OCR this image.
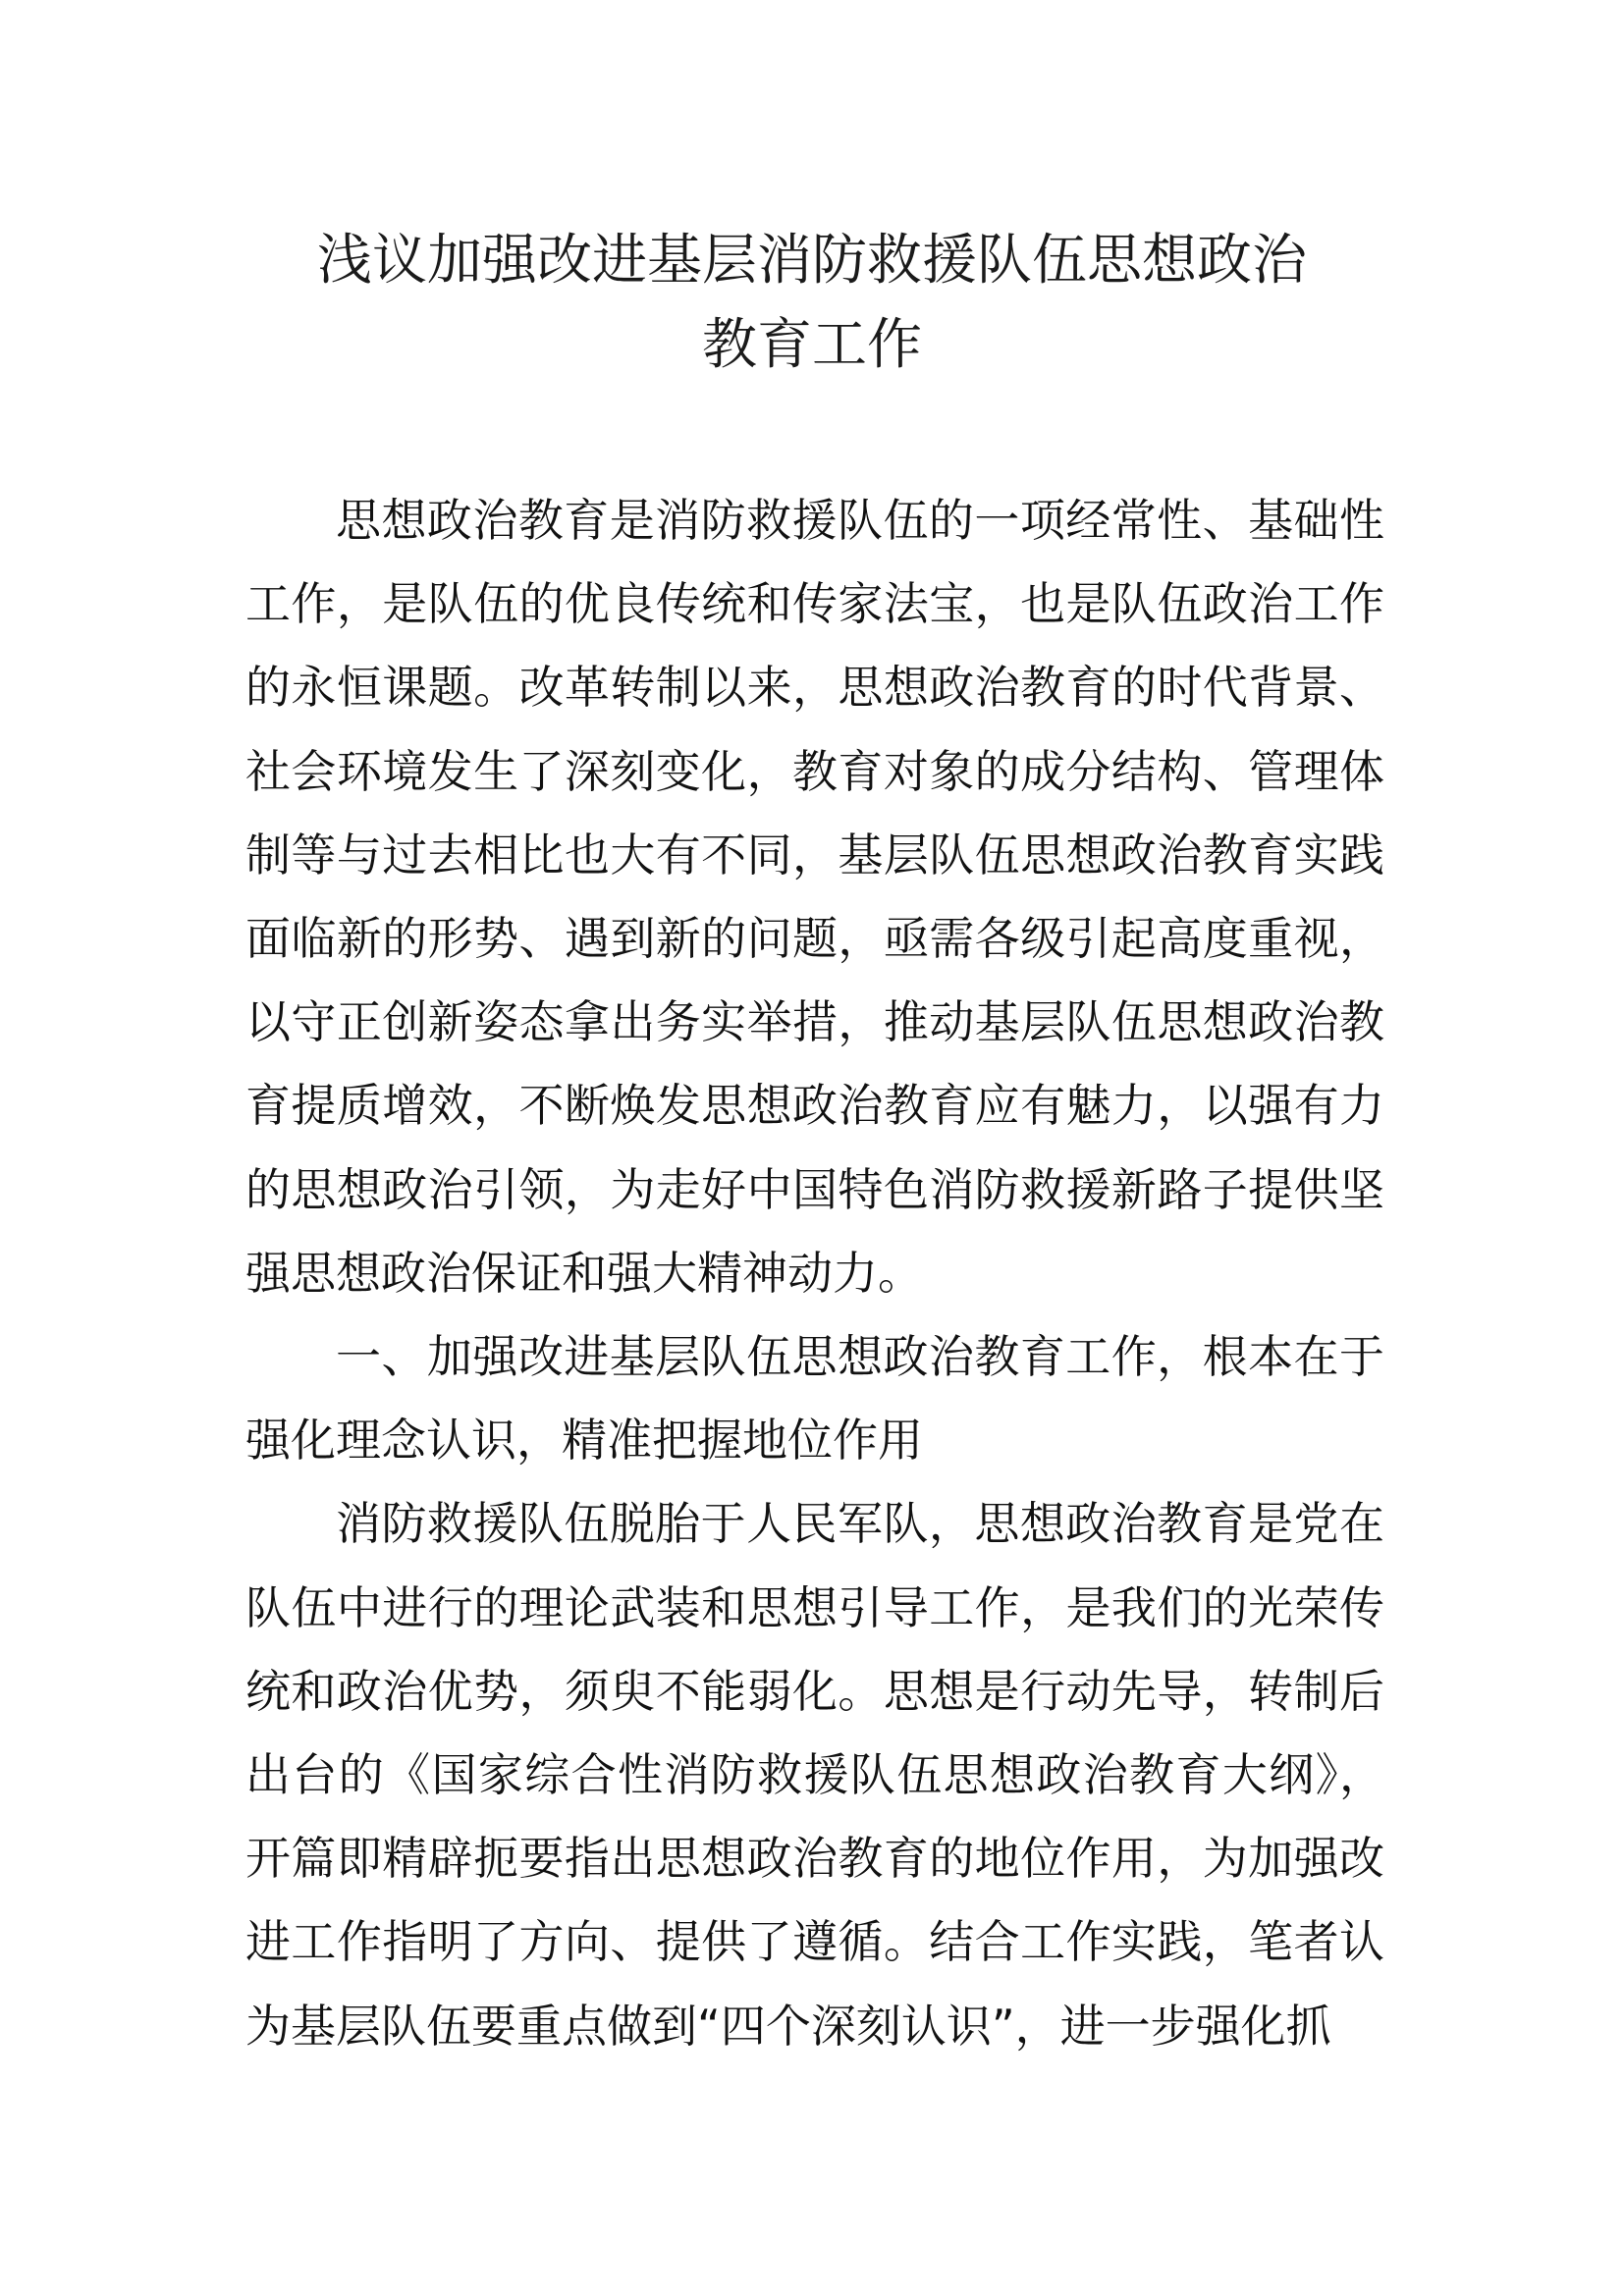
浅议加强改进基层消防救援队伍思想政治
教育工作

思想政治教育是消防救援队伍的一项经常性、基础性工作，是队伍的优良传统和传家法宝，也是队伍政治工作的永恒课题。改革转制以来，思想政治教育的时代背景、社会环境发生了深刻变化，教育对象的成分结构、管理体制等与过去相比也大有不同，基层队伍思想政治教育实践面临新的形势、遇到新的问题，亟需各级引起高度重视，以守正创新姿态拿出务实举措，推动基层队伍思想政治教育提质增效，不断焕发思想政治教育应有魅力，以强有力的思想政治引领，为走好中国特色消防救援新路子提供坚强思想政治保证和强大精神动力。

一、加强改进基层队伍思想政治教育工作，根本在于强化理念认识，精准把握地位作用

消防救援队伍脱胎于人民军队，思想政治教育是党在队伍中进行的理论武装和思想引导工作，是我们的光荣传统和政治优势，须臾不能弱化。思想是行动先导，转制后出台的《国家综合性消防救援队伍思想政治教育大纲》，开篇即精辟扼要指出思想政治教育的地位作用，为加强改进工作指明了方向、提供了遵循。结合工作实践，笔者认为基层队伍要重点做到“四个深刻认识”，进一步强化抓
